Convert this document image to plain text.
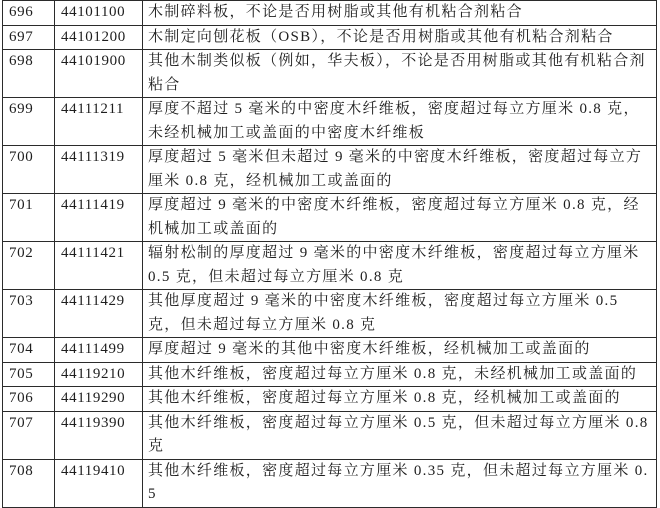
696	44101100	木制碎料板，不论是否用树脂或其他有机粘合剂粘合
697	44101200	木制定向刨花板（OSB），不论是否用树脂或其他有机粘合剂粘合
698	44101900	其他木制类似板（例如，华夫板），不论是否用树脂或其他有机粘合剂粘合
699	44111211	厚度不超过 5 毫米的中密度木纤维板，密度超过每立方厘米 0.8 克，未经机械加工或盖面的中密度木纤维板
700	44111319	厚度超过 5 毫米但未超过 9 毫米的中密度木纤维板，密度超过每立方厘米 0.8 克，经机械加工或盖面的
701	44111419	厚度超过 9 毫米的中密度木纤维板，密度超过每立方厘米 0.8 克，经机械加工或盖面的
702	44111421	辐射松制的厚度超过 9 毫米的中密度木纤维板，密度超过每立方厘米 0.5 克，但未超过每立方厘米 0.8 克
703	44111429	其他厚度超过 9 毫米的中密度木纤维板，密度超过每立方厘米 0.5 克，但未超过每立方厘米 0.8 克
704	44111499	厚度超过 9 毫米的其他中密度木纤维板，经机械加工或盖面的
705	44119210	其他木纤维板，密度超过每立方厘米 0.8 克，未经机械加工或盖面的
706	44119290	其他木纤维板，密度超过每立方厘米 0.8 克，经机械加工或盖面的
707	44119390	其他木纤维板，密度超过每立方厘米 0.5 克，但未超过每立方厘米 0.8 克
708	44119410	其他木纤维板，密度超过每立方厘米 0.35 克，但未超过每立方厘米 0.5
